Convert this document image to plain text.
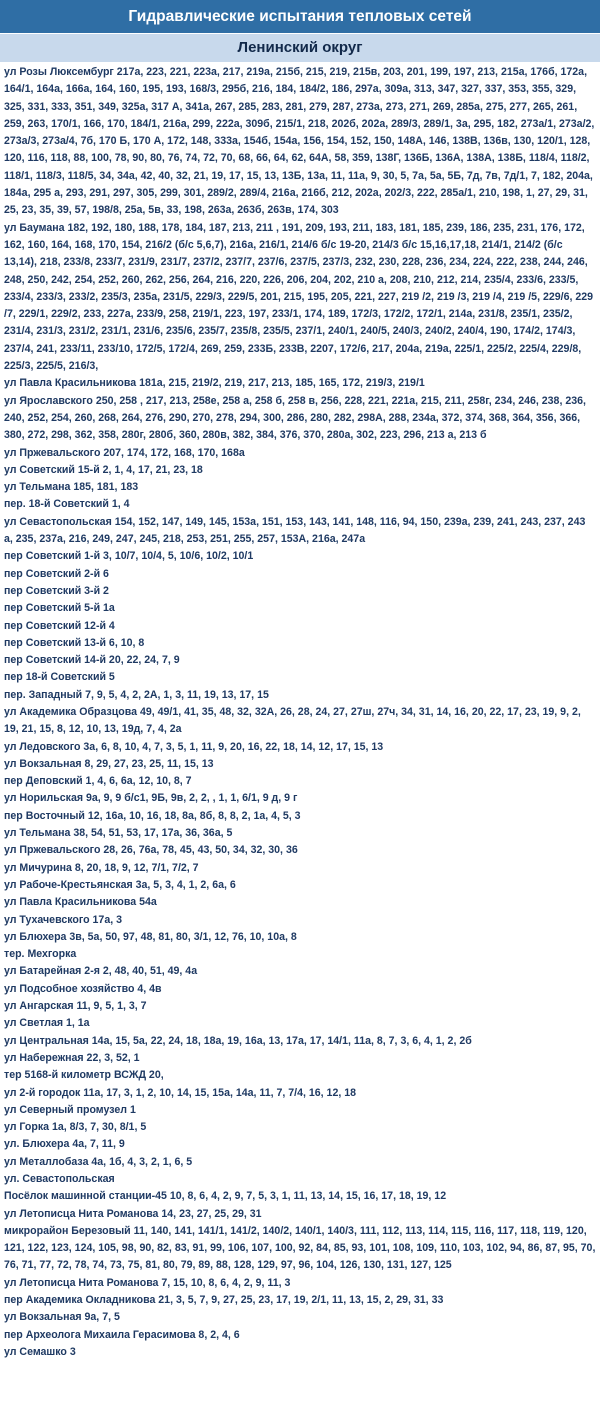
Гидравлические испытания тепловых сетей
Ленинский округ
ул Розы Люксембург 217а, 223, 221, 223а, 217, 219а, 215б, 215, 219, 215в, 203, 201, 199, 197, 213, 215а, 176б, 172а, 164/1, 164а, 166а, 164, 160, 195, 193, 168/3, 295б, 216, 184, 184/2, 186, 297а, 309а, 313, 347, 327, 337, 353, 355, 329, 325, 331, 333, 351, 349, 325а, 317 А, 341а, 267, 285, 283, 281, 279, 287, 273а, 273, 271, 269, 285а, 275, 277, 265, 261, 259, 263, 170/1, 166, 170, 184/1, 216а, 299, 222а, 309б, 215/1, 218, 202б, 202а, 289/3, 289/1, 3а, 295, 182, 273а/1, 273а/2, 273а/3, 273а/4, 7б, 170 Б, 170 А, 172, 148, 333а, 154б, 154а, 156, 154, 152, 150, 148А, 146, 138В, 136в, 130, 120/1, 128, 120, 116, 118, 88, 100, 78, 90, 80, 76, 74, 72, 70, 68, 66, 64, 62, 64А, 58, 359, 138Г, 136Б, 136А, 138А, 138Б, 118/4, 118/2, 118/1, 118/3, 118/5, 34, 34а, 42, 40, 32, 21, 19, 17, 15, 13, 13Б, 13а, 11, 11а, 9, 30, 5, 7а, 5а, 5Б, 7д, 7в, 7д/1, 7, 182, 204а, 184а, 295 а, 293, 291, 297, 305, 299, 301, 289/2, 289/4, 216а, 216б, 212, 202а, 202/3, 222, 285а/1, 210, 198, 1, 27, 29, 31, 25, 23, 35, 39, 57, 198/8, 25а, 5в, 33, 198, 263а, 263б, 263в, 174, 303
ул Баумана 182, 192, 180, 188, 178, 184, 187, 213, 211 , 191, 209, 193, 211, 183, 181, 185, 239, 186, 235, 231, 176, 172, 162, 160, 164, 168, 170, 154, 216/2 (б/с 5,6,7), 216а, 216/1, 214/6 б/с 19-20, 214/3 б/с 15,16,17,18, 214/1, 214/2 (б/с 13,14), 218, 233/8, 233/7, 231/9, 231/7, 237/2, 237/7, 237/6, 237/5, 237/3, 232, 230, 228, 236, 234, 224, 222, 238, 244, 246, 248, 250, 242, 254, 252, 260, 262, 256, 264, 216, 220, 226, 206, 204, 202, 210 а, 208, 210, 212, 214, 235/4, 233/6, 233/5, 233/4, 233/3, 233/2, 235/3, 235а, 231/5, 229/3, 229/5, 201, 215, 195, 205, 221, 227, 219 /2, 219 /3, 219 /4, 219 /5, 229/6, 229 /7, 229/1, 229/2, 233, 227а, 233/9, 258, 219/1, 223, 197, 233/1, 174, 189, 172/3, 172/2, 172/1, 214а, 231/8, 235/1, 235/2, 231/4, 231/3, 231/2, 231/1, 231/6, 235/6, 235/7, 235/8, 235/5, 237/1, 240/1, 240/5, 240/3, 240/2, 240/4, 190, 174/2, 174/3, 237/4, 241, 233/11, 233/10, 172/5, 172/4, 269, 259, 233Б, 233В, 2207, 172/6, 217, 204а, 219а, 225/1, 225/2, 225/4, 229/8, 225/3, 225/5, 216/3,
ул Павла Красильникова 181а, 215, 219/2, 219, 217, 213, 185, 165, 172, 219/3, 219/1
ул Ярославского 250, 258 , 217, 213, 258е, 258 а, 258 б, 258 в, 256, 228, 221, 221а, 215, 211, 258г, 234, 246, 238, 236, 240, 252, 254, 260, 268, 264, 276, 290, 270, 278, 294, 300, 286, 280, 282, 298А, 288, 234а, 372, 374, 368, 364, 356, 366, 380, 272, 298, 362, 358, 280г, 280б, 360, 280в, 382, 384, 376, 370, 280а, 302, 223, 296, 213 а, 213 б
ул Пржевальского 207, 174, 172, 168, 170, 168а
ул Советский 15-й 2, 1, 4, 17, 21, 23, 18
ул Тельмана 185, 181, 183
пер. 18-й Советский 1, 4
ул Севастопольская 154, 152, 147, 149, 145, 153а, 151, 153, 143, 141, 148, 116, 94, 150, 239а, 239, 241, 243, 237, 243 а, 235, 237а, 216, 249, 247, 245, 218, 253, 251, 255, 257, 153А, 216а, 247а
пер Советский 1-й 3, 10/7, 10/4, 5, 10/6, 10/2, 10/1
пер Советский 2-й 6
пер Советский 3-й 2
пер Советский 5-й 1а
пер Советский 12-й 4
пер Советский 13-й 6, 10, 8
пер Советский 14-й 20, 22, 24, 7, 9
пер 18-й Советский 5
пер. Западный 7, 9, 5, 4, 2, 2А, 1, 3, 11, 19, 13, 17, 15
ул Академика Образцова 49, 49/1, 41, 35, 48, 32, 32А, 26, 28, 24, 27, 27ш, 27ч, 34, 31, 14, 16, 20, 22, 17, 23, 19, 9, 2, 19, 21, 15, 8, 12, 10, 13, 19д, 7, 4, 2а
ул Ледовского 3а, 6, 8, 10, 4, 7, 3, 5, 1, 11, 9, 20, 16, 22, 18, 14, 12, 17, 15, 13
ул Вокзальная 8, 29, 27, 23, 25, 11, 15, 13
пер Деповский 1, 4, 6, 6а, 12, 10, 8, 7
ул Норильская 9а, 9, 9 б/с1, 9Б, 9в, 2, 2, , 1, 1, 6/1, 9 д, 9 г
пер Восточный 12, 16а, 10, 16, 18, 8а, 8б, 8, 8, 2, 1а, 4, 5, 3
ул Тельмана 38, 54, 51, 53, 17, 17а, 36, 36а, 5
ул Пржевальского 28, 26, 76а, 78, 45, 43, 50, 34, 32, 30, 36
ул Мичурина 8, 20, 18, 9, 12, 7/1, 7/2, 7
ул Рабоче-Крестьянская 3а, 5, 3, 4, 1, 2, 6а, 6
ул Павла Красильникова 54а
ул Тухачевского 17а, 3
ул Блюхера 3в, 5а, 50, 97, 48, 81, 80, 3/1, 12, 76, 10, 10а, 8
тер. Мехгорка
ул Батарейная 2-я 2, 48, 40, 51, 49, 4а
ул Подсобное хозяйство 4, 4в
ул Ангарская 11, 9, 5, 1, 3, 7
ул Светлая 1, 1а
ул Центральная 14а, 15, 5а, 22, 24, 18, 18а, 19, 16а, 13, 17а, 17, 14/1, 11а, 8, 7, 3, 6, 4, 1, 2, 2б
ул Набережная 22, 3, 52, 1
тер 5168-й километр ВСЖД 20,
ул 2-й городок 11а, 17, 3, 1, 2, 10, 14, 15, 15а, 14а, 11, 7, 7/4, 16, 12, 18
ул Северный промузел 1
ул Горка 1а, 8/3, 7, 30, 8/1, 5
ул. Блюхера 4а, 7, 11, 9
ул Металлобаза 4а, 1б, 4, 3, 2, 1, 6, 5
ул. Севастопольская
Посёлок машинной станции-45 10, 8, 6, 4, 2, 9, 7, 5, 3, 1, 11, 13, 14, 15, 16, 17, 18, 19, 12
ул Летописца Нита Романова 14, 23, 27, 25, 29, 31
микрорайон Березовый 11, 140, 141, 141/1, 141/2, 140/2, 140/1, 140/3, 111, 112, 113, 114, 115, 116, 117, 118, 119, 120, 121, 122, 123, 124, 105, 98, 90, 82, 83, 91, 99, 106, 107, 100, 92, 84, 85, 93, 101, 108, 109, 110, 103, 102, 94, 86, 87, 95, 70, 76, 71, 77, 72, 78, 74, 73, 75, 81, 80, 79, 89, 88, 128, 129, 97, 96, 104, 126, 130, 131, 127, 125
ул Летописца Нита Романова 7, 15, 10, 8, 6, 4, 2, 9, 11, 3
пер Академика Окладникова 21, 3, 5, 7, 9, 27, 25, 23, 17, 19, 2/1, 11, 13, 15, 2, 29, 31, 33
ул Вокзальная 9а, 7, 5
пер Археолога Михаила Герасимова 8, 2, 4, 6
ул Семашко 3
